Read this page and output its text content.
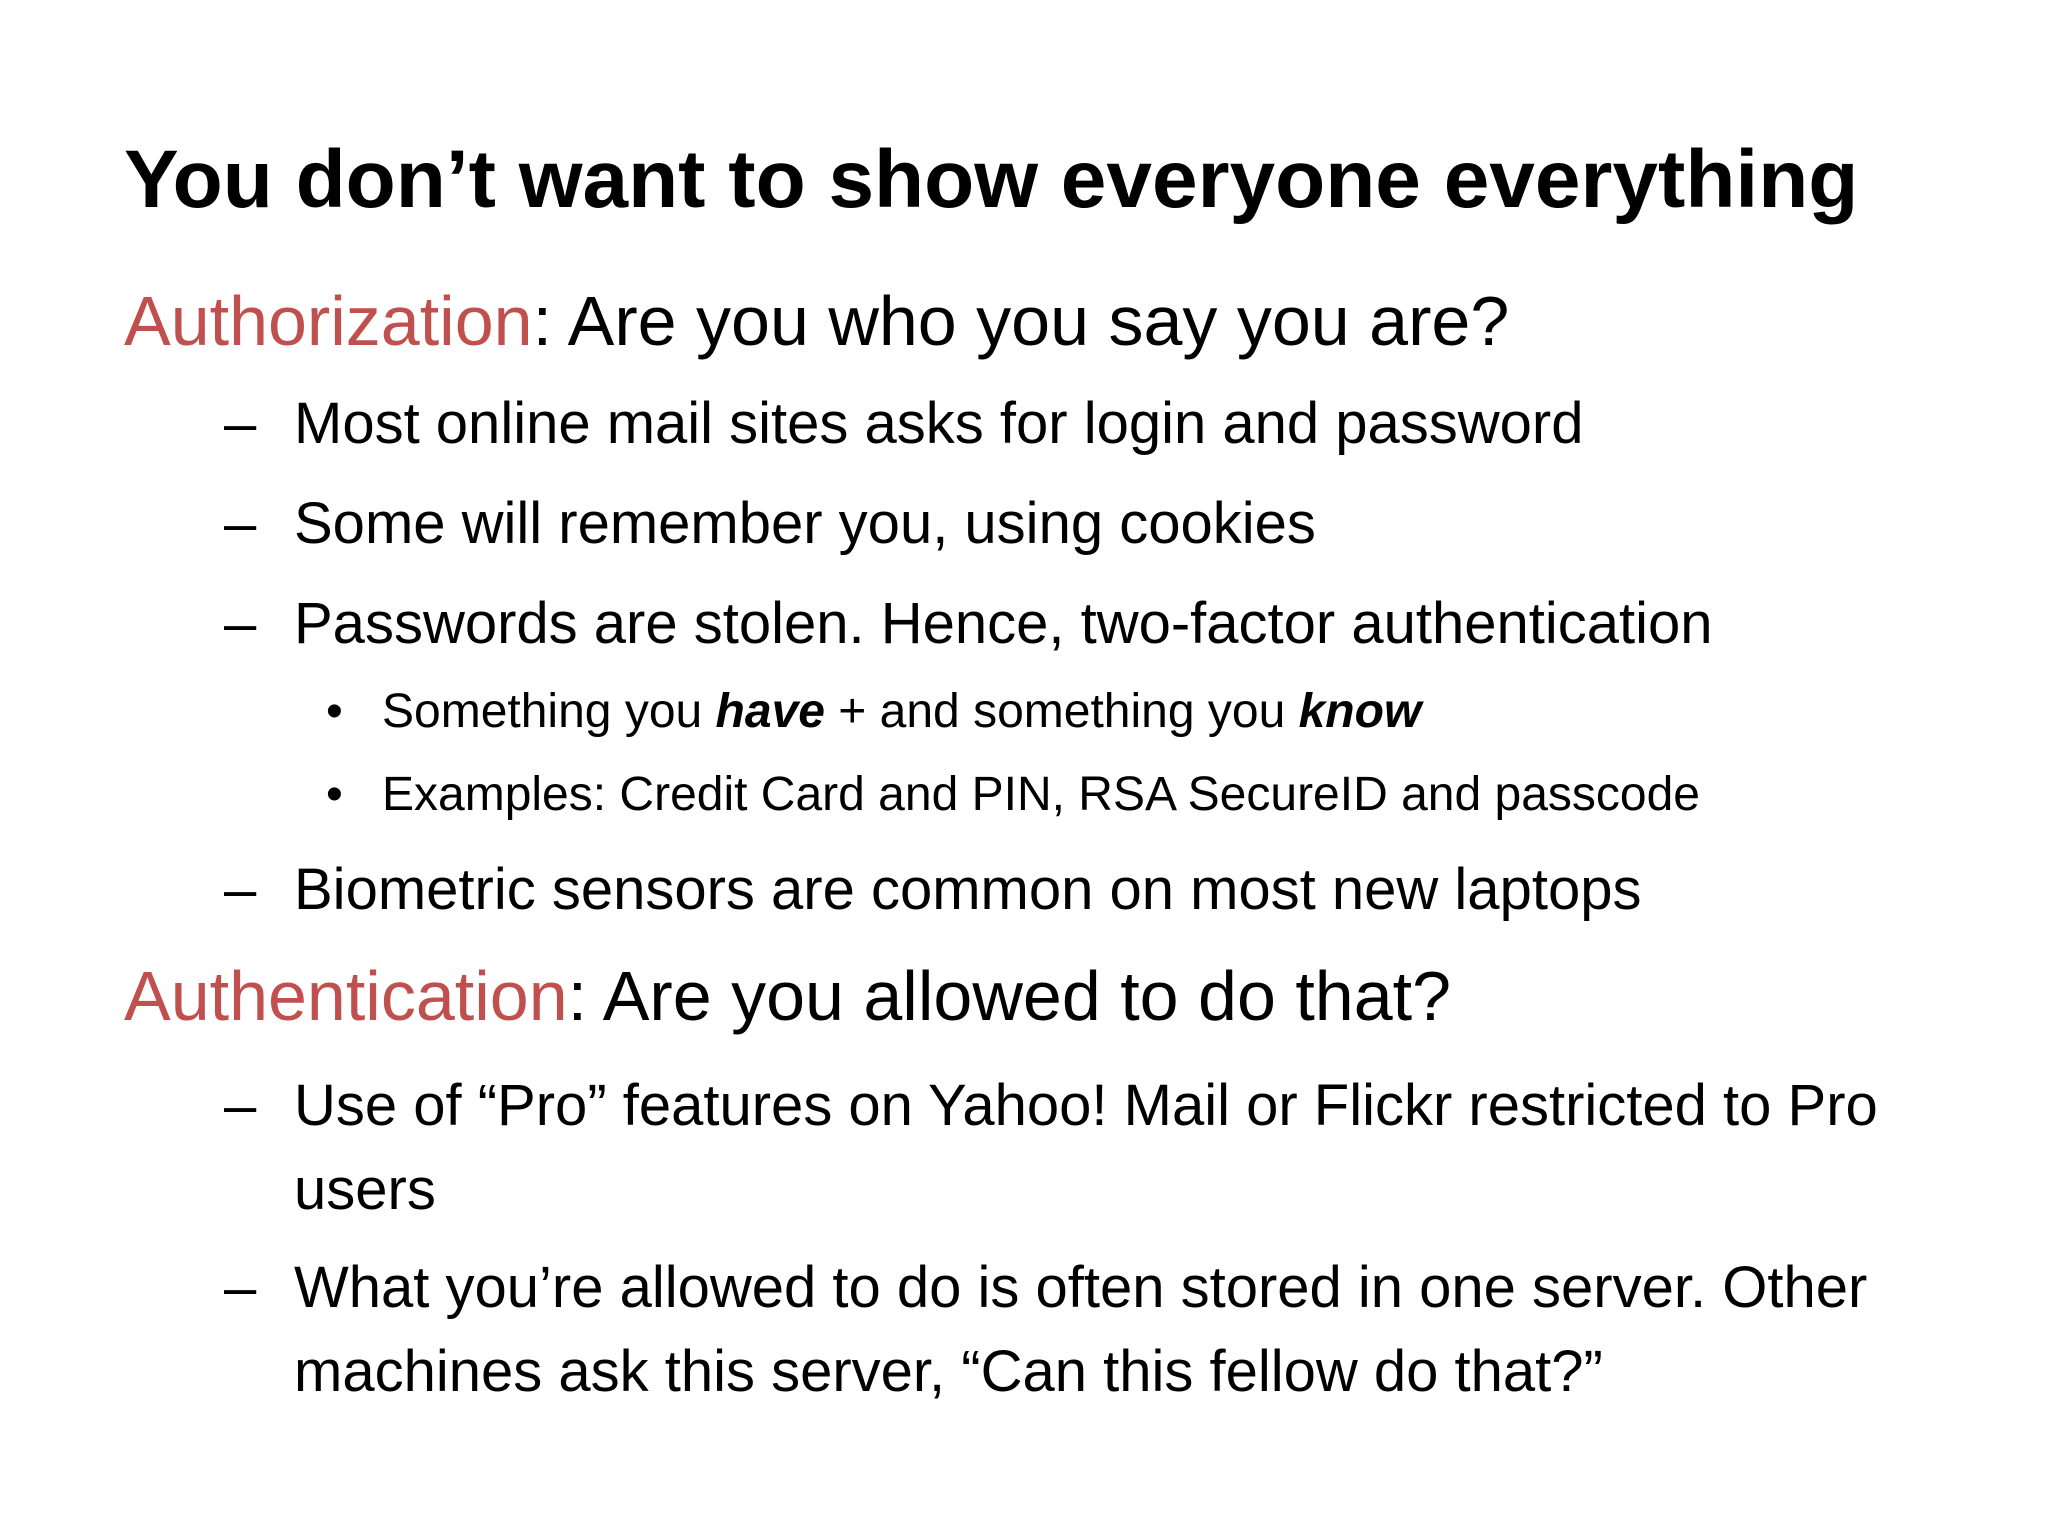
You don’t want to show everyone everything
Authorization: Are you who you say you are?
– Most online mail sites asks for login and password
– Some will remember you, using cookies
– Passwords are stolen. Hence, two-factor authentication
• Something you have + and something you know
• Examples: Credit Card and PIN, RSA SecureID and passcode
– Biometric sensors are common on most new laptops
Authentication: Are you allowed to do that?
– Use of “Pro” features on Yahoo! Mail or Flickr restricted to Pro users
– What you’re allowed to do is often stored in one server. Other machines ask this server, “Can this fellow do that?”
